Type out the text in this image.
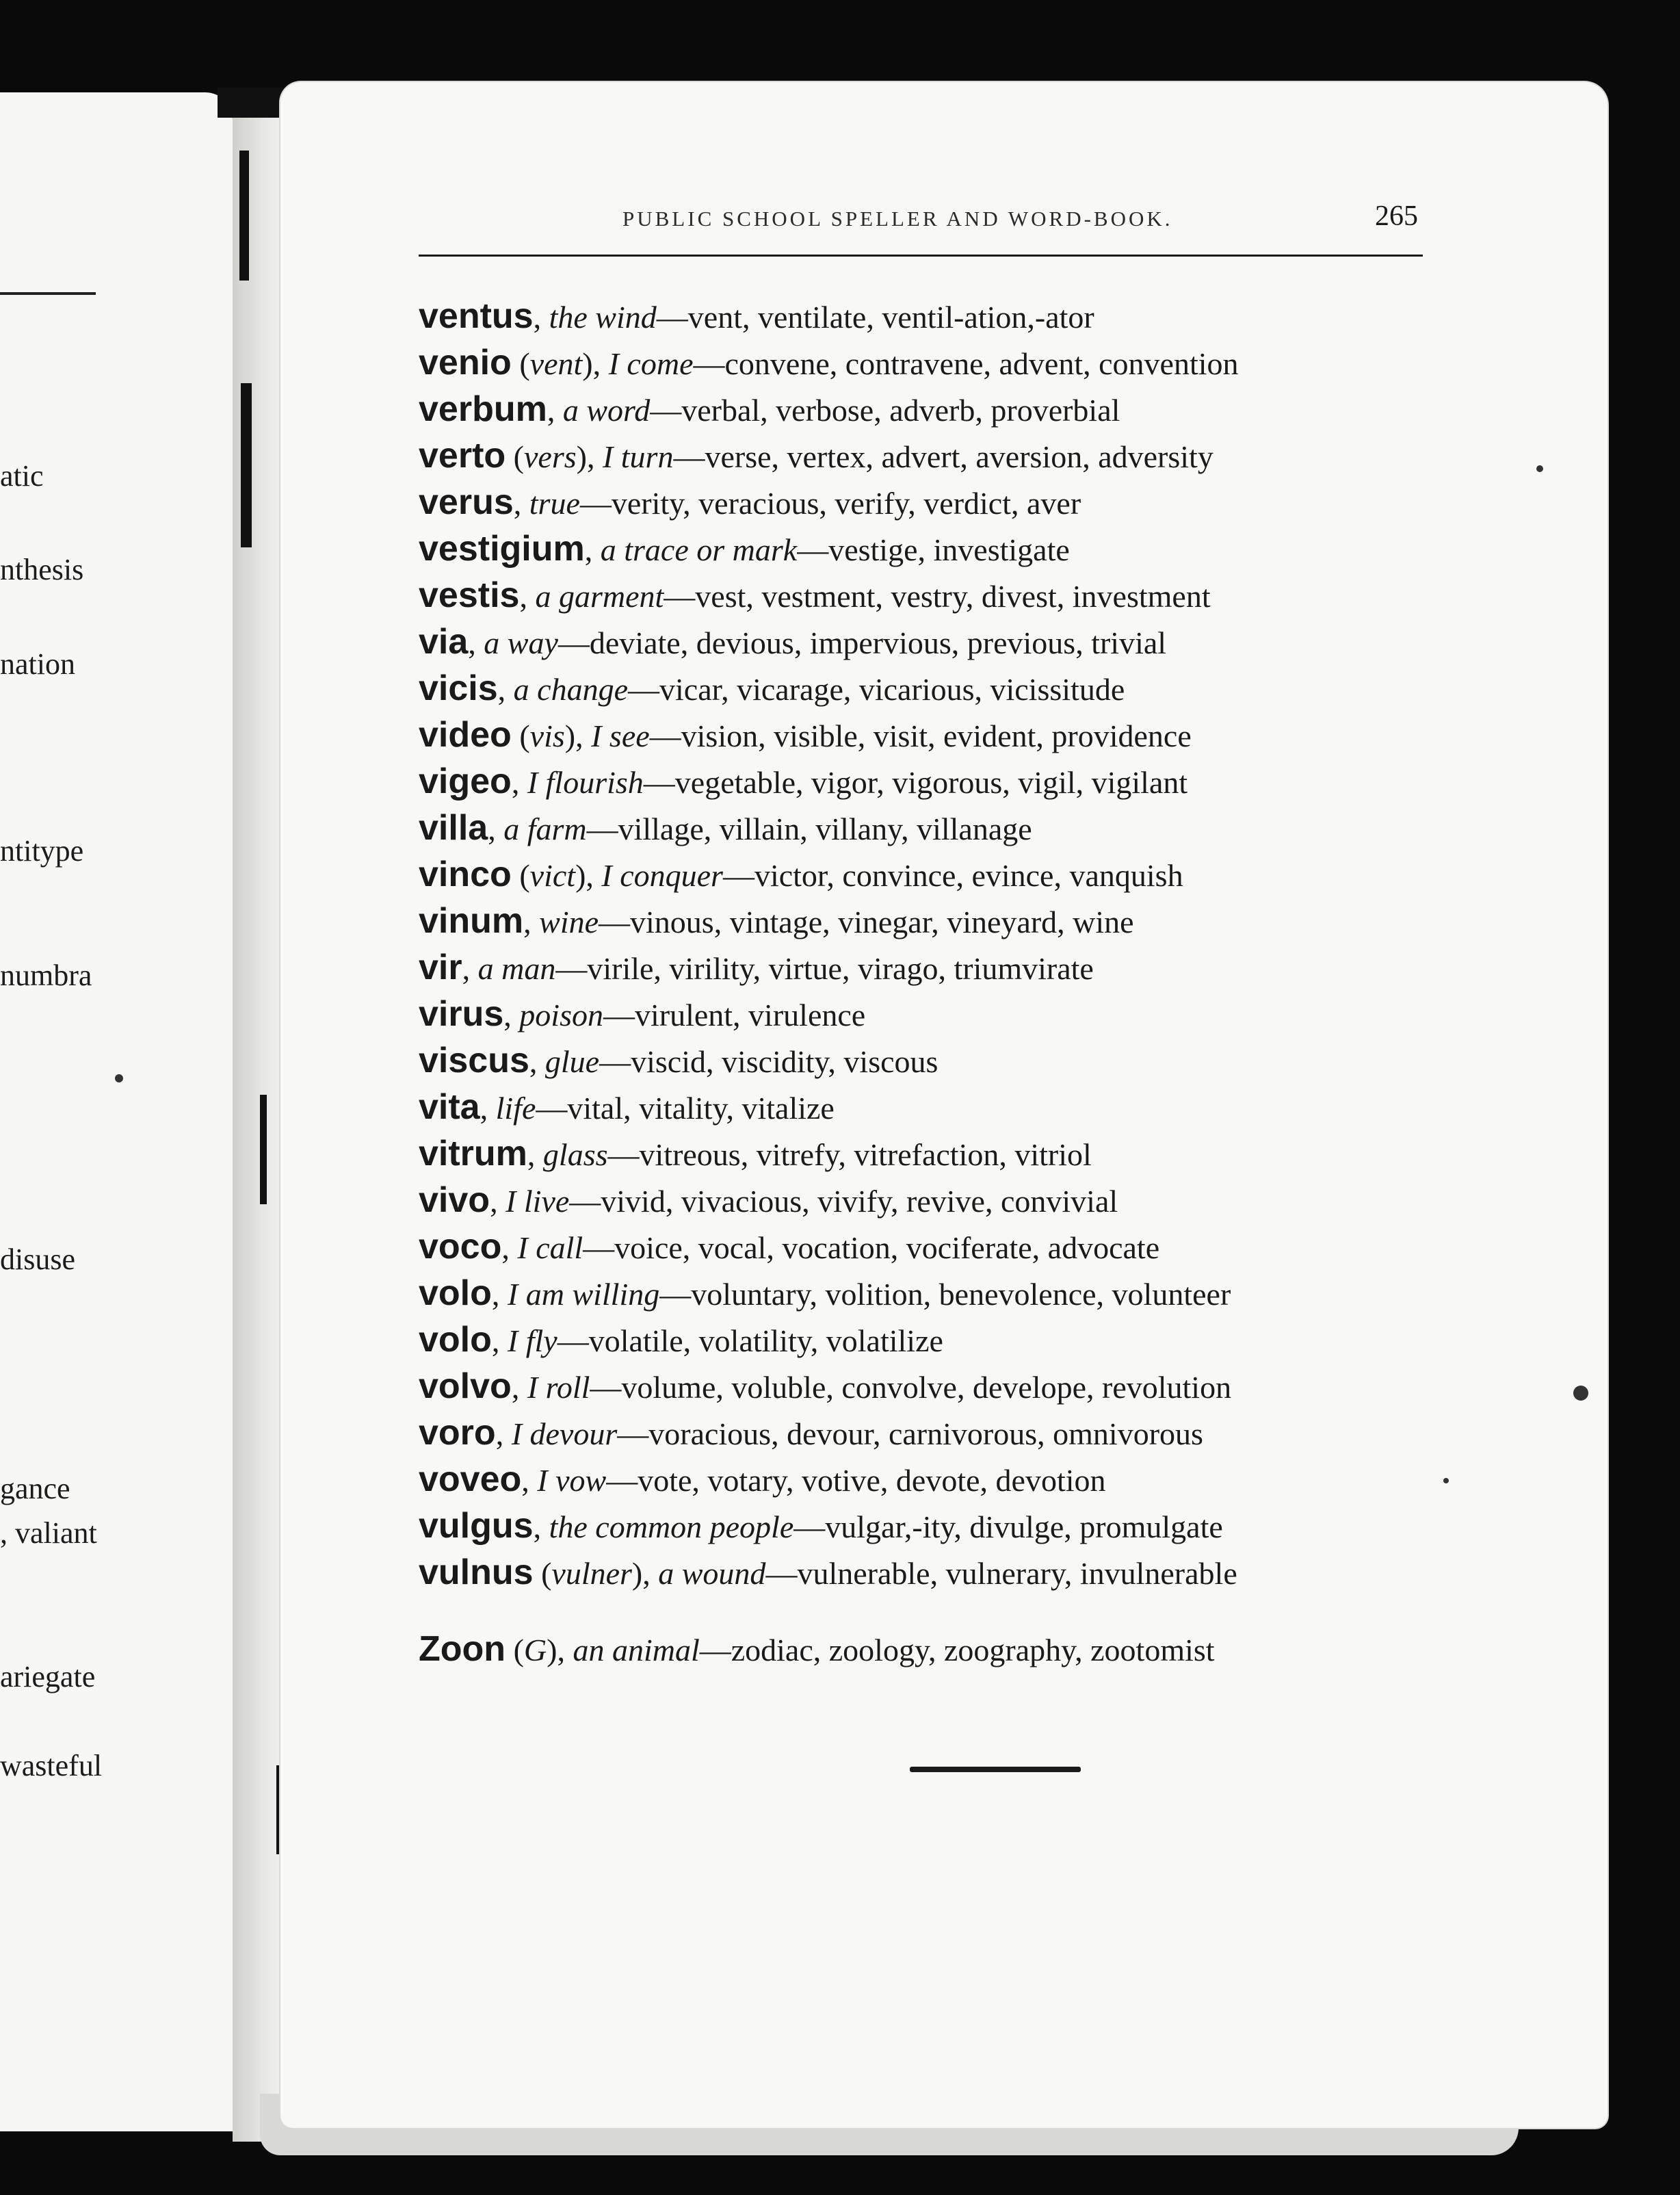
atic
nthesis
nation
ntitype
numbra
disuse
gance
, valiant
ariegate
wasteful
PUBLIC SCHOOL SPELLER AND WORD-BOOK.	265
ventus, the wind—vent, ventilate, ventil-ation,-ator
venio (vent), I come—convene, contravene, advent, convention
verbum, a word—verbal, verbose, adverb, proverbial
verto (vers), I turn—verse, vertex, advert, aversion, adversity
verus, true—verity, veracious, verify, verdict, aver
vestigium, a trace or mark—vestige, investigate
vestis, a garment—vest, vestment, vestry, divest, investment
via, a way—deviate, devious, impervious, previous, trivial
vicis, a change—vicar, vicarage, vicarious, vicissitude
video (vis), I see—vision, visible, visit, evident, providence
vigeo, I flourish—vegetable, vigor, vigorous, vigil, vigilant
villa, a farm—village, villain, villany, villanage
vinco (vict), I conquer—victor, convince, evince, vanquish
vinum, wine—vinous, vintage, vinegar, vineyard, wine
vir, a man—virile, virility, virtue, virago, triumvirate
virus, poison—virulent, virulence
viscus, glue—viscid, viscidity, viscous
vita, life—vital, vitality, vitalize
vitrum, glass—vitreous, vitrefy, vitrefaction, vitriol
vivo, I live—vivid, vivacious, vivify, revive, convivial
voco, I call—voice, vocal, vocation, vociferate, advocate
volo, I am willing—voluntary, volition, benevolence, volunteer
volo, I fly—volatile, volatility, volatilize
volvo, I roll—volume, voluble, convolve, develope, revolution
voro, I devour—voracious, devour, carnivorous, omnivorous
voveo, I vow—vote, votary, votive, devote, devotion
vulgus, the common people—vulgar,-ity, divulge, promulgate
vulnus (vulner), a wound—vulnerable, vulnerary, invulnerable
Zoon (G), an animal—zodiac, zoology, zoography, zootomist
